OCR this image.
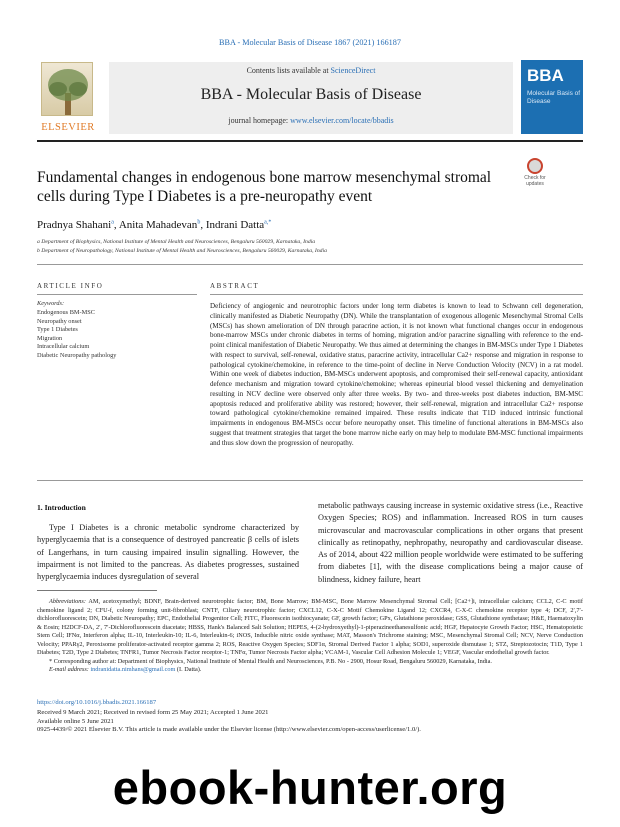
BBA - Molecular Basis of Disease 1867 (2021) 166187
ELSEVIER
Contents lists available at ScienceDirect
BBA - Molecular Basis of Disease
journal homepage: www.elsevier.com/locate/bbadis
BBA
Molecular Basis of Disease
Fundamental changes in endogenous bone marrow mesenchymal stromal cells during Type I Diabetes is a pre-neuropathy event
Check for updates
Pradnya Shahani$^a$, Anita Mahadevan$^b$, Indrani Datta$^{a,*}$
a Department of Biophysics, National Institute of Mental Health and Neurosciences, Bengaluru 560029, Karnataka, India
b Department of Neuropathology, National Institute of Mental Health and Neurosciences, Bengaluru 560029, Karnataka, India
ARTICLE INFO
Keywords:
Endogenous BM-MSC
Neuropathy onset
Type 1 Diabetes
Migration
Intracellular calcium
Diabetic Neuropathy pathology
ABSTRACT
Deficiency of angiogenic and neurotrophic factors under long term diabetes is known to lead to Schwann cell degeneration, clinically manifested as Diabetic Neuropathy (DN). While the transplantation of exogenous allogenic Mesenchymal Stromal Cells (MSCs) has shown amelioration of DN through paracrine action, it is not known what functional changes occur in endogenous bone-marrow MSCs under chronic diabetes in terms of homing, migration and/or paracrine signalling with reference to the end-point clinical manifestation of Diabetic Neuropathy. We thus aimed at determining the changes in BM-MSCs under Type 1 Diabetes with respect to survival, self-renewal, oxidative status, paracrine activity, intracellular Ca2+ response and migration in response to pathological cytokine/chemokine, in reference to the time-point of decline in Nerve Conduction Velocity (NCV) in a rat model. Within one week of diabetes induction, BM-MSCs underwent apoptosis, and compromised their self-renewal capacity, antioxidant defence mechanism and migration toward cytokine/chemokine; whereas epineurial blood vessel thickening and demyelination resulting in NCV decline were observed only after three weeks. By two- and three-weeks post diabetes induction, BM-MSC apoptosis reduced and proliferative ability was restored; however, their self-renewal, migration and intracellular Ca2+ response toward pathological cytokine/chemokine remained impaired. These results indicate that T1D induced intrinsic functional impairments in endogenous BM-MSCs occur before neuropathy onset. This timeline of functional alterations in BM-MSCs also suggest that treatment strategies that target the bone marrow niche early on may help to modulate BM-MSC functional impairments and thus slow down the progression of neuropathy.
1. Introduction
Type I Diabetes is a chronic metabolic syndrome characterized by hyperglycaemia that is a consequence of destroyed pancreatic β cells of islets of Langerhans, in turn causing impaired insulin signalling. However, the impairment is not limited to the pancreas. As diabetes progresses, sustained hyperglycaemia induces dysregulation of several
metabolic pathways causing increase in systemic oxidative stress (i.e., Reactive Oxygen Species; ROS) and inflammation. Increased ROS in turn causes microvascular and macrovascular complications in other organs that present clinically as retinopathy, nephropathy, neuropathy and cardiovascular disease. As of 2014, about 422 million people worldwide were estimated to be suffering from diabetes [1], with the disease complications being a major cause of blindness, kidney failure, heart
Abbreviations: AM, acetoxymethyl; BDNF, Brain-derived neurotrophic factor; BM, Bone Marrow; BM-MSC, Bone Marrow Mesenchymal Stromal Cell; [Ca2+]i, intracellular calcium; CCL2, C-C motif chemokine ligand 2; CFU-f, colony forming unit-fibroblast; CNTF, Ciliary neurotrophic factor; CXCL12, C-X-C Motif Chemokine Ligand 12; CXCR4, C-X-C chemokine receptor type 4; DCF, 2′,7′-dichlorofluorescein; DN, Diabetic Neuropathy; EPC, Endothelial Progenitor Cell; FITC, Fluorescein isothiocyanate; GF, growth factor; GPx, Glutathione peroxidase; GSS, Glutathione synthetase; H&E, Haematoxylin & Eosin; H2DCF-DA, 2′, 7′-Dichlorofluorescein diacetate; HBSS, Hank's Balanced Salt Solution; HEPES, 4-(2-hydroxyethyl)-1-piperazineethanesulfonic acid; HGF, Hepatocyte Growth Factor; HSC, Hematopoietic Stem Cell; IFNα, Interferon alpha; IL-10, Interleukin-10; IL-6, Interleukin-6; iNOS, Inducible nitric oxide synthase; MAT, Masson's Trichrome staining; MSC, Mesenchymal Stromal Cell; NCV, Nerve Conduction Velocity; PPARγ2, Peroxisome proliferator-activated receptor gamma 2; ROS, Reactive Oxygen Species; SDF1α, Stromal Derived Factor 1 alpha; SOD1, superoxide dismutase 1; STZ, Streptozotocin; T1D, Type 1 Diabetes; T2D, Type 2 Diabetes; TNFR1, Tumor Necrosis Factor receptor-1; TNFα, Tumor Necrosis Factor alpha; VCAM-1, Vascular Cell Adhesion Molecule 1; VEGF, Vascular endothelial growth factor.
* Corresponding author at: Department of Biophysics, National Institute of Mental Health and Neurosciences, P.B. No - 2900, Hosur Road, Bengaluru 560029, Karnataka, India.
E-mail address: indranidatta.nimhans@gmail.com (I. Datta).
https://doi.org/10.1016/j.bbadis.2021.166187
Received 9 March 2021; Received in revised form 25 May 2021; Accepted 1 June 2021
Available online 5 June 2021
0925-4439/© 2021 Elsevier B.V. This article is made available under the Elsevier license (http://www.elsevier.com/open-access/userlicense/1.0/).
ebook-hunter.org
